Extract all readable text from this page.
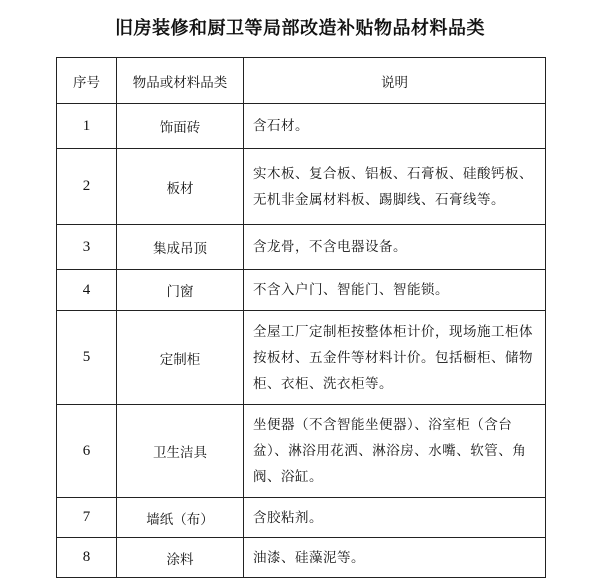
旧房装修和厨卫等局部改造补贴物品材料品类
序号	物品或材料品类	说明
1	饰面砖	含石材。
2	板材	实木板、复合板、铝板、石膏板、硅酸钙板、无机非金属材料板、踢脚线、石膏线等。
3	集成吊顶	含龙骨，不含电器设备。
4	门窗	不含入户门、智能门、智能锁。
5	定制柜	全屋工厂定制柜按整体柜计价，现场施工柜体按板材、五金件等材料计价。包括橱柜、储物柜、衣柜、洗衣柜等。
6	卫生洁具	坐便器（不含智能坐便器）、浴室柜（含台盆）、淋浴用花洒、淋浴房、水嘴、软管、角阀、浴缸。
7	墙纸（布）	含胶粘剂。
8	涂料	油漆、硅藻泥等。
